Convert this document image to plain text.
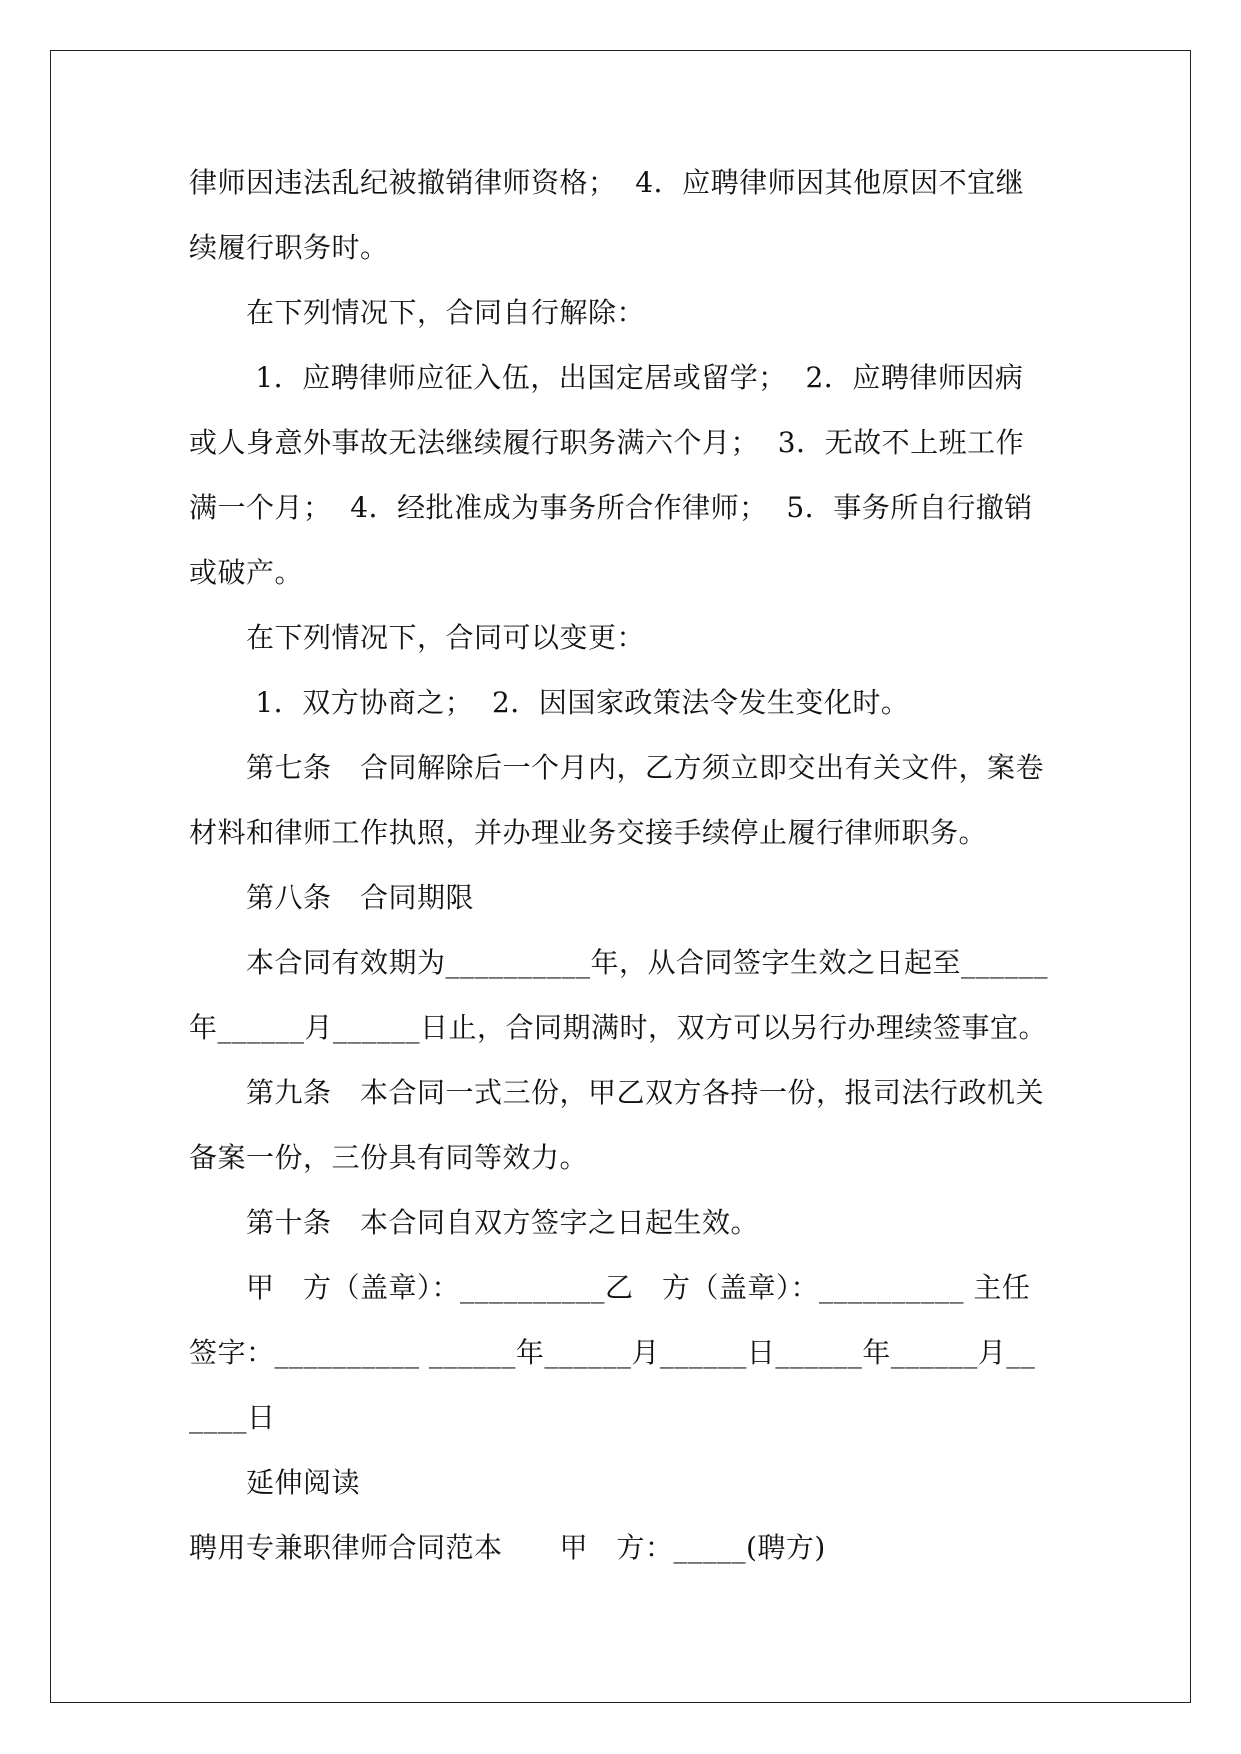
律师因违法乱纪被撤销律师资格；  4．应聘律师因其他原因不宜继
续履行职务时。
在下列情况下，合同自行解除：
1．应聘律师应征入伍，出国定居或留学；  2．应聘律师因病
或人身意外事故无法继续履行职务满六个月；  3．无故不上班工作
满一个月；  4．经批准成为事务所合作律师；  5．事务所自行撤销
或破产。
在下列情况下，合同可以变更：
1．双方协商之；  2．因国家政策法令发生变化时。
第七条　合同解除后一个月内，乙方须立即交出有关文件，案卷
材料和律师工作执照，并办理业务交接手续停止履行律师职务。
第八条　合同期限
本合同有效期为__________年，从合同签字生效之日起至______
年______月______日止，合同期满时，双方可以另行办理续签事宜。
第九条　本合同一式三份，甲乙双方各持一份，报司法行政机关
备案一份，三份具有同等效力。
第十条　本合同自双方签字之日起生效。
甲　方（盖章）：__________乙　方（盖章）：__________ 主任
签字：__________ ______年______月______日______年______月__
____日
延伸阅读
聘用专兼职律师合同范本　　甲　方：_____(聘方)
